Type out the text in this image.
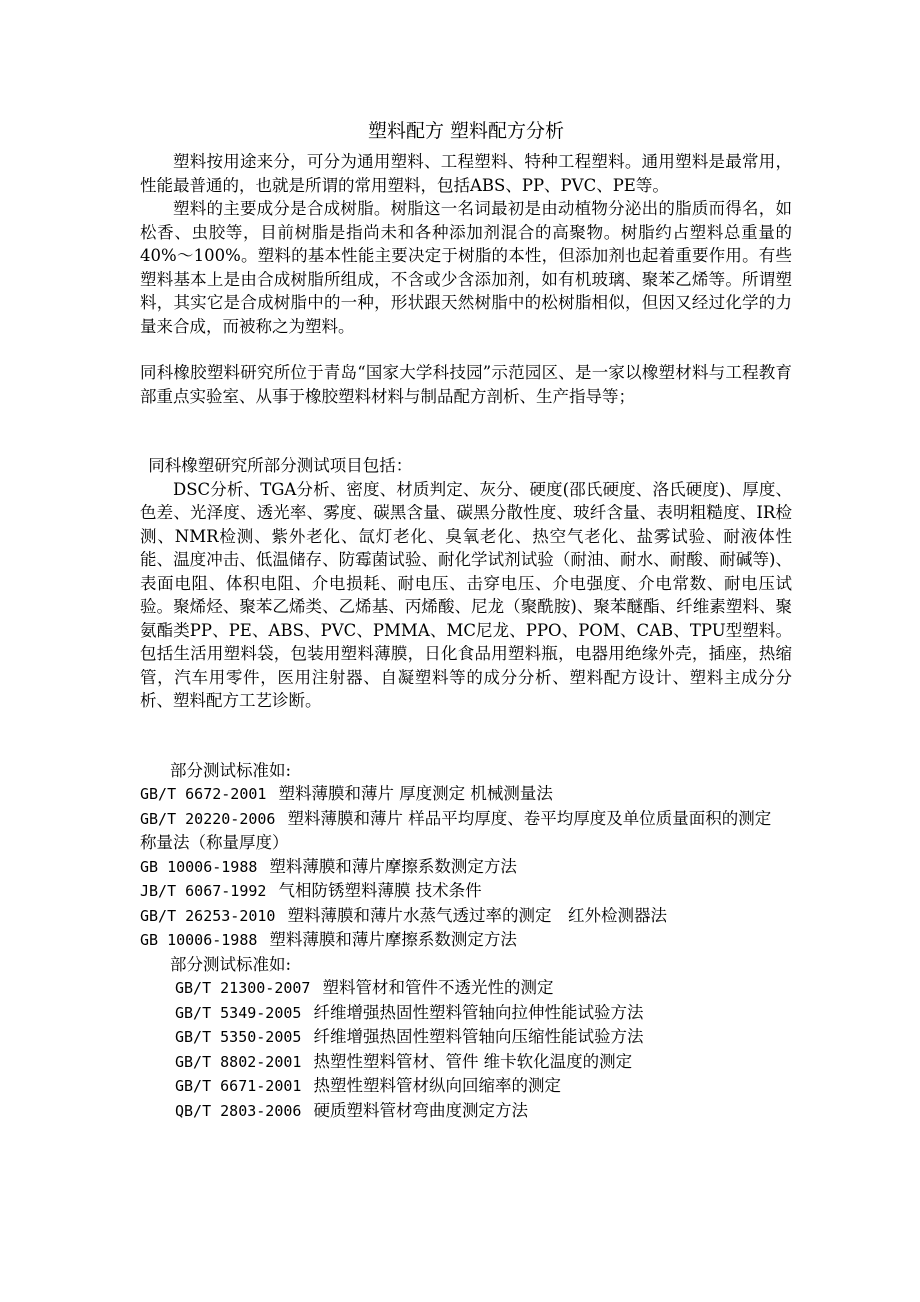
塑料配方 塑料配方分析

塑料按用途来分，可分为通用塑料、工程塑料、特种工程塑料。通用塑料是最常用，性能最普通的，也就是所谓的常用塑料，包括ABS、PP、PVC、PE等。

塑料的主要成分是合成树脂。树脂这一名词最初是由动植物分泌出的脂质而得名，如松香、虫胶等，目前树脂是指尚未和各种添加剂混合的高聚物。树脂约占塑料总重量的40%～100%。塑料的基本性能主要决定于树脂的本性，但添加剂也起着重要作用。有些塑料基本上是由合成树脂所组成，不含或少含添加剂，如有机玻璃、聚苯乙烯等。所谓塑料，其实它是合成树脂中的一种，形状跟天然树脂中的松树脂相似，但因又经过化学的力量来合成，而被称之为塑料。

同科橡胶塑料研究所位于青岛“国家大学科技园”示范园区、是一家以橡塑材料与工程教育部重点实验室、从事于橡胶塑料材料与制品配方剖析、生产指导等；

同科橡塑研究所部分测试项目包括：

DSC分析、TGA分析、密度、材质判定、灰分、硬度(邵氏硬度、洛氏硬度)、厚度、色差、光泽度、透光率、雾度、碳黑含量、碳黑分散性度、玻纤含量、表明粗糙度、IR检测、NMR检测、紫外老化、氙灯老化、臭氧老化、热空气老化、盐雾试验、耐液体性能、温度冲击、低温储存、防霉菌试验、耐化学试剂试验（耐油、耐水、耐酸、耐碱等)、表面电阻、体积电阻、介电损耗、耐电压、击穿电压、介电强度、介电常数、耐电压试验。聚烯烃、聚苯乙烯类、乙烯基、丙烯酸、尼龙（聚酰胺)、聚苯醚酯、纤维素塑料、聚氨酯类PP、PE、ABS、PVC、PMMA、MC尼龙、PPO、POM、CAB、TPU型塑料。包括生活用塑料袋，包装用塑料薄膜，日化食品用塑料瓶，电器用绝缘外壳，插座，热缩管，汽车用零件，医用注射器、自凝塑料等的成分分析、塑料配方设计、塑料主成分分析、塑料配方工艺诊断。

部分测试标准如:

GB/T 6672-2001 塑料薄膜和薄片 厚度测定 机械测量法
GB/T 20220-2006 塑料薄膜和薄片 样品平均厚度、卷平均厚度及单位质量面积的测定 称量法（称量厚度）
GB 10006-1988 塑料薄膜和薄片摩擦系数测定方法
JB/T 6067-1992 气相防锈塑料薄膜 技术条件
GB/T 26253-2010 塑料薄膜和薄片水蒸气透过率的测定　红外检测器法
GB 10006-1988 塑料薄膜和薄片摩擦系数测定方法

部分测试标准如:

GB/T 21300-2007 塑料管材和管件不透光性的测定
GB/T 5349-2005 纤维增强热固性塑料管轴向拉伸性能试验方法
GB/T 5350-2005 纤维增强热固性塑料管轴向压缩性能试验方法
GB/T 8802-2001 热塑性塑料管材、管件 维卡软化温度的测定
GB/T 6671-2001 热塑性塑料管材纵向回缩率的测定
QB/T 2803-2006 硬质塑料管材弯曲度测定方法
